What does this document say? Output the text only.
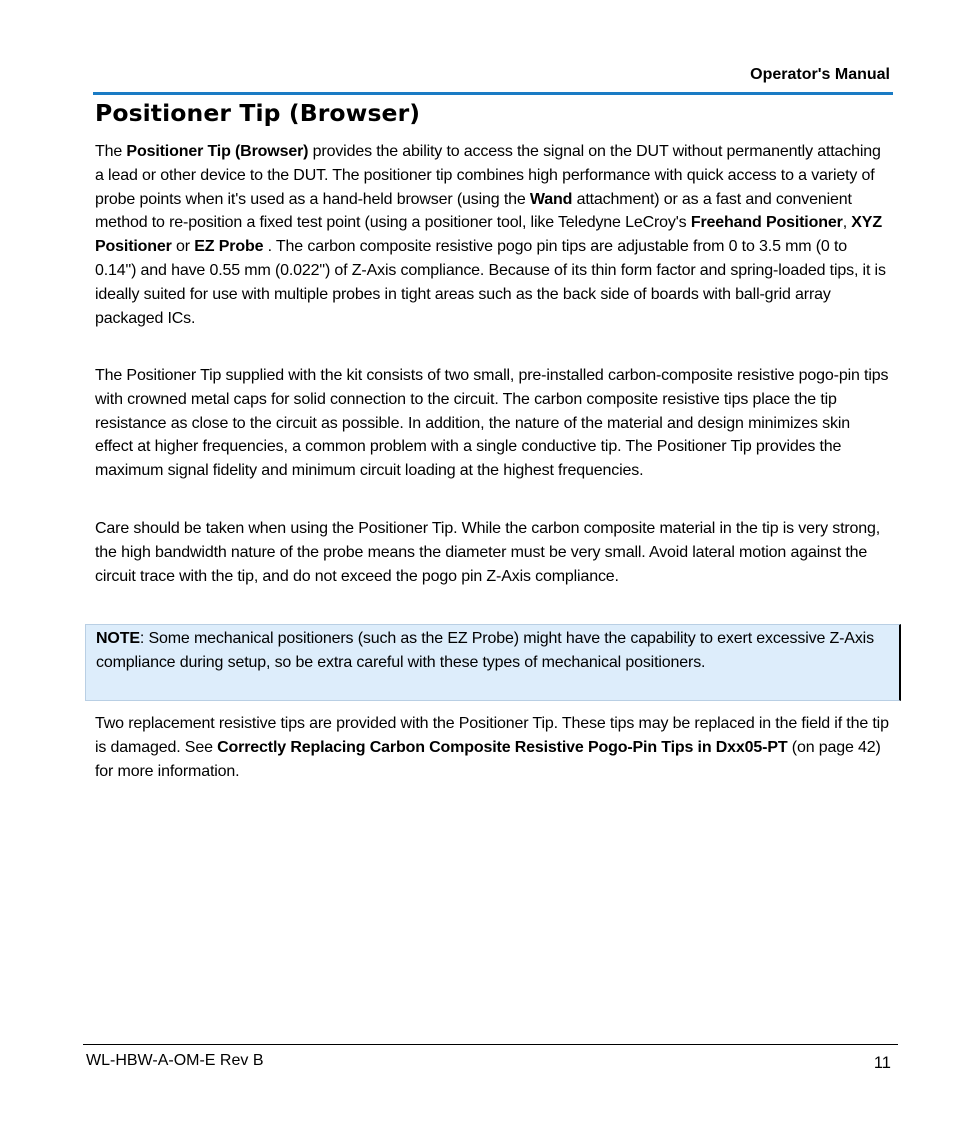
Operator's Manual
Positioner Tip (Browser)

The Positioner Tip (Browser) provides the ability to access the signal on the DUT without permanently attaching a lead or other device to the DUT. The positioner tip combines high performance with quick access to a variety of probe points when it's used as a hand-held browser (using the Wand attachment) or as a fast and convenient method to re-position a fixed test point (using a positioner tool, like Teledyne LeCroy's Freehand Positioner, XYZ Positioner or EZ Probe . The carbon composite resistive pogo pin tips are adjustable from 0 to 3.5 mm (0 to 0.14") and have 0.55 mm (0.022") of Z-Axis compliance. Because of its thin form factor and spring-loaded tips, it is ideally suited for use with multiple probes in tight areas such as the back side of boards with ball-grid array packaged ICs.

The Positioner Tip supplied with the kit consists of two small, pre-installed carbon-composite resistive pogo-pin tips with crowned metal caps for solid connection to the circuit. The carbon composite resistive tips place the tip resistance as close to the circuit as possible. In addition, the nature of the material and design minimizes skin effect at higher frequencies, a common problem with a single conductive tip. The Positioner Tip provides the maximum signal fidelity and minimum circuit loading at the highest frequencies.

Care should be taken when using the Positioner Tip. While the carbon composite material in the tip is very strong, the high bandwidth nature of the probe means the diameter must be very small. Avoid lateral motion against the circuit trace with the tip, and do not exceed the pogo pin Z-Axis compliance.

NOTE: Some mechanical positioners (such as the EZ Probe) might have the capability to exert excessive Z-Axis compliance during setup, so be extra careful with these types of mechanical positioners.

Two replacement resistive tips are provided with the Positioner Tip. These tips may be replaced in the field if the tip is damaged. See Correctly Replacing Carbon Composite Resistive Pogo-Pin Tips in Dxx05-PT (on page 42) for more information.

WL-HBW-A-OM-E Rev B	11
